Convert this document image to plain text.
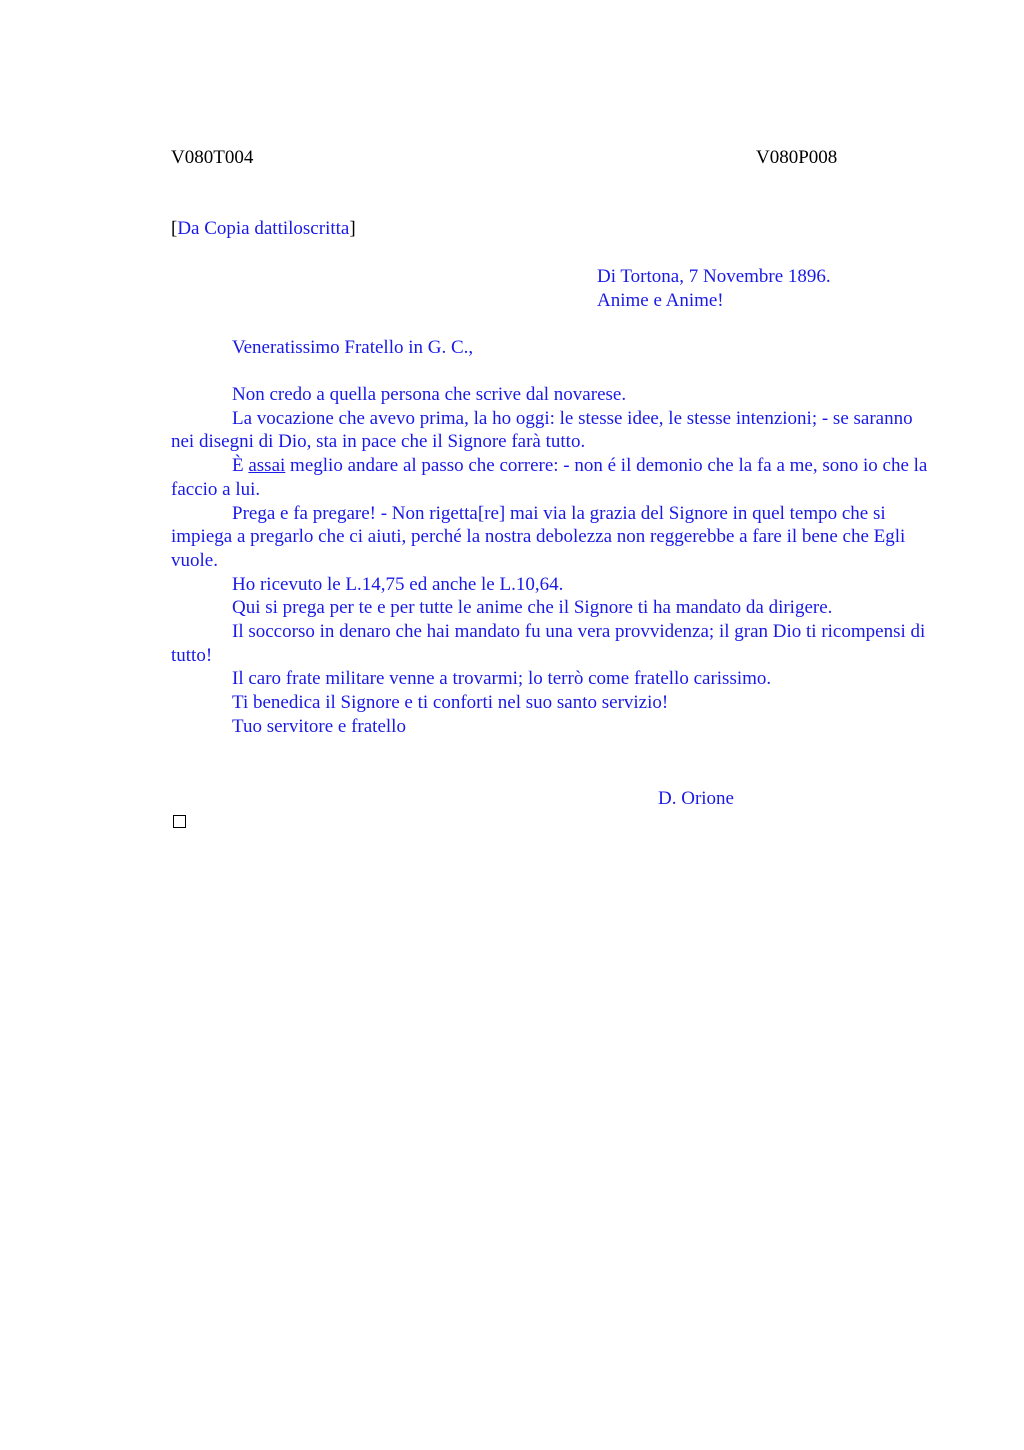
V080T004	V080P008
[Da Copia dattiloscritta]
Di Tortona, 7 Novembre 1896.
Anime e Anime!
Veneratissimo Fratello in G. C.,

Non credo a quella persona che scrive dal novarese.

La vocazione che avevo prima, la ho oggi: le stesse idee, le stesse intenzioni; - se saranno nei disegni di Dio, sta in pace che il Signore farà tutto.

È assai meglio andare al passo che correre: - non é il demonio che la fa a me, sono io che la faccio a lui.

Prega e fa pregare! - Non rigetta[re] mai via la grazia del Signore in quel tempo che si impiega a pregarlo che ci aiuti, perché la nostra debolezza non reggerebbe a fare il bene che Egli vuole.

Ho ricevuto le L.14,75 ed anche le L.10,64.

Qui si prega per te e per tutte le anime che il Signore ti ha mandato da dirigere.

Il soccorso in denaro che hai mandato fu una vera provvidenza; il gran Dio ti ricompensi di tutto!

Il caro frate militare venne a trovarmi; lo terrò come fratello carissimo.

Ti benedica il Signore e ti conforti nel suo santo servizio!

Tuo servitore e fratello

D. Orione
